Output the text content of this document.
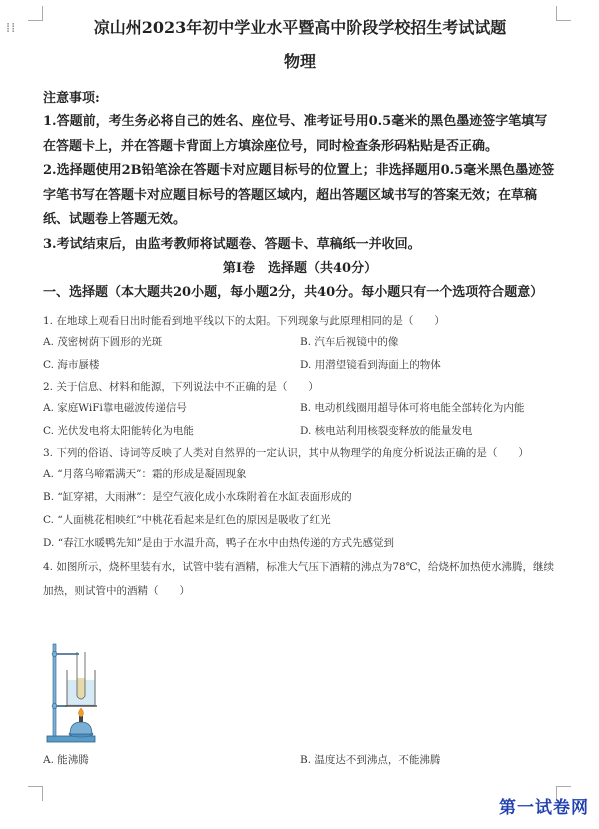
⁞⁞	凉山州2023年初中学业水平暨高中阶段学校招生考试试题
物理

注意事项:

1.答题前，考生务必将自己的姓名、座位号、准考证号用0.5毫米的黑色墨迹签字笔填写在答题卡上，并在答题卡背面上方填涂座位号，同时检查条形码粘贴是否正确。

2.选择题使用2B铅笔涂在答题卡对应题目标号的位置上；非选择题用0.5毫米黑色墨迹签字笔书写在答题卡对应题目标号的答题区域内，超出答题区域书写的答案无效；在草稿纸、试题卷上答题无效。

3.考试结束后，由监考教师将试题卷、答题卡、草稿纸一并收回。

第Ⅰ卷　选择题（共40分）

一、选择题（本大题共20小题，每小题2分，共40分。每小题只有一个选项符合题意）

1. 在地球上观看日出时能看到地平线以下的太阳。下列现象与此原理相同的是（　　）

A. 茂密树荫下圆形的光斑	B. 汽车后视镜中的像
C. 海市蜃楼	D. 用潜望镜看到海面上的物体

2. 关于信息、材料和能源，下列说法中不正确的是（　　）

A. 家庭WiFi靠电磁波传递信号	B. 电动机线圈用超导体可将电能全部转化为内能
C. 光伏发电将太阳能转化为电能	D. 核电站利用核裂变释放的能量发电

3. 下列的俗语、诗词等反映了人类对自然界的一定认识，其中从物理学的角度分析说法正确的是（　　）

A. “月落乌啼霜满天”：霜的形成是凝固现象

B. “缸穿裙，大雨淋”：是空气液化成小水珠附着在水缸表面形成的

C. “人面桃花相映红”中桃花看起来是红色的原因是吸收了红光

D. “春江水暖鸭先知”是由于水温升高，鸭子在水中由热传递的方式先感觉到

4. 如图所示，烧杯里装有水，试管中装有酒精，标准大气压下酒精的沸点为78℃，给烧杯加热使水沸腾，继续加热，则试管中的酒精（　　）

A. 能沸腾	B. 温度达不到沸点，不能沸腾
第一试卷网
